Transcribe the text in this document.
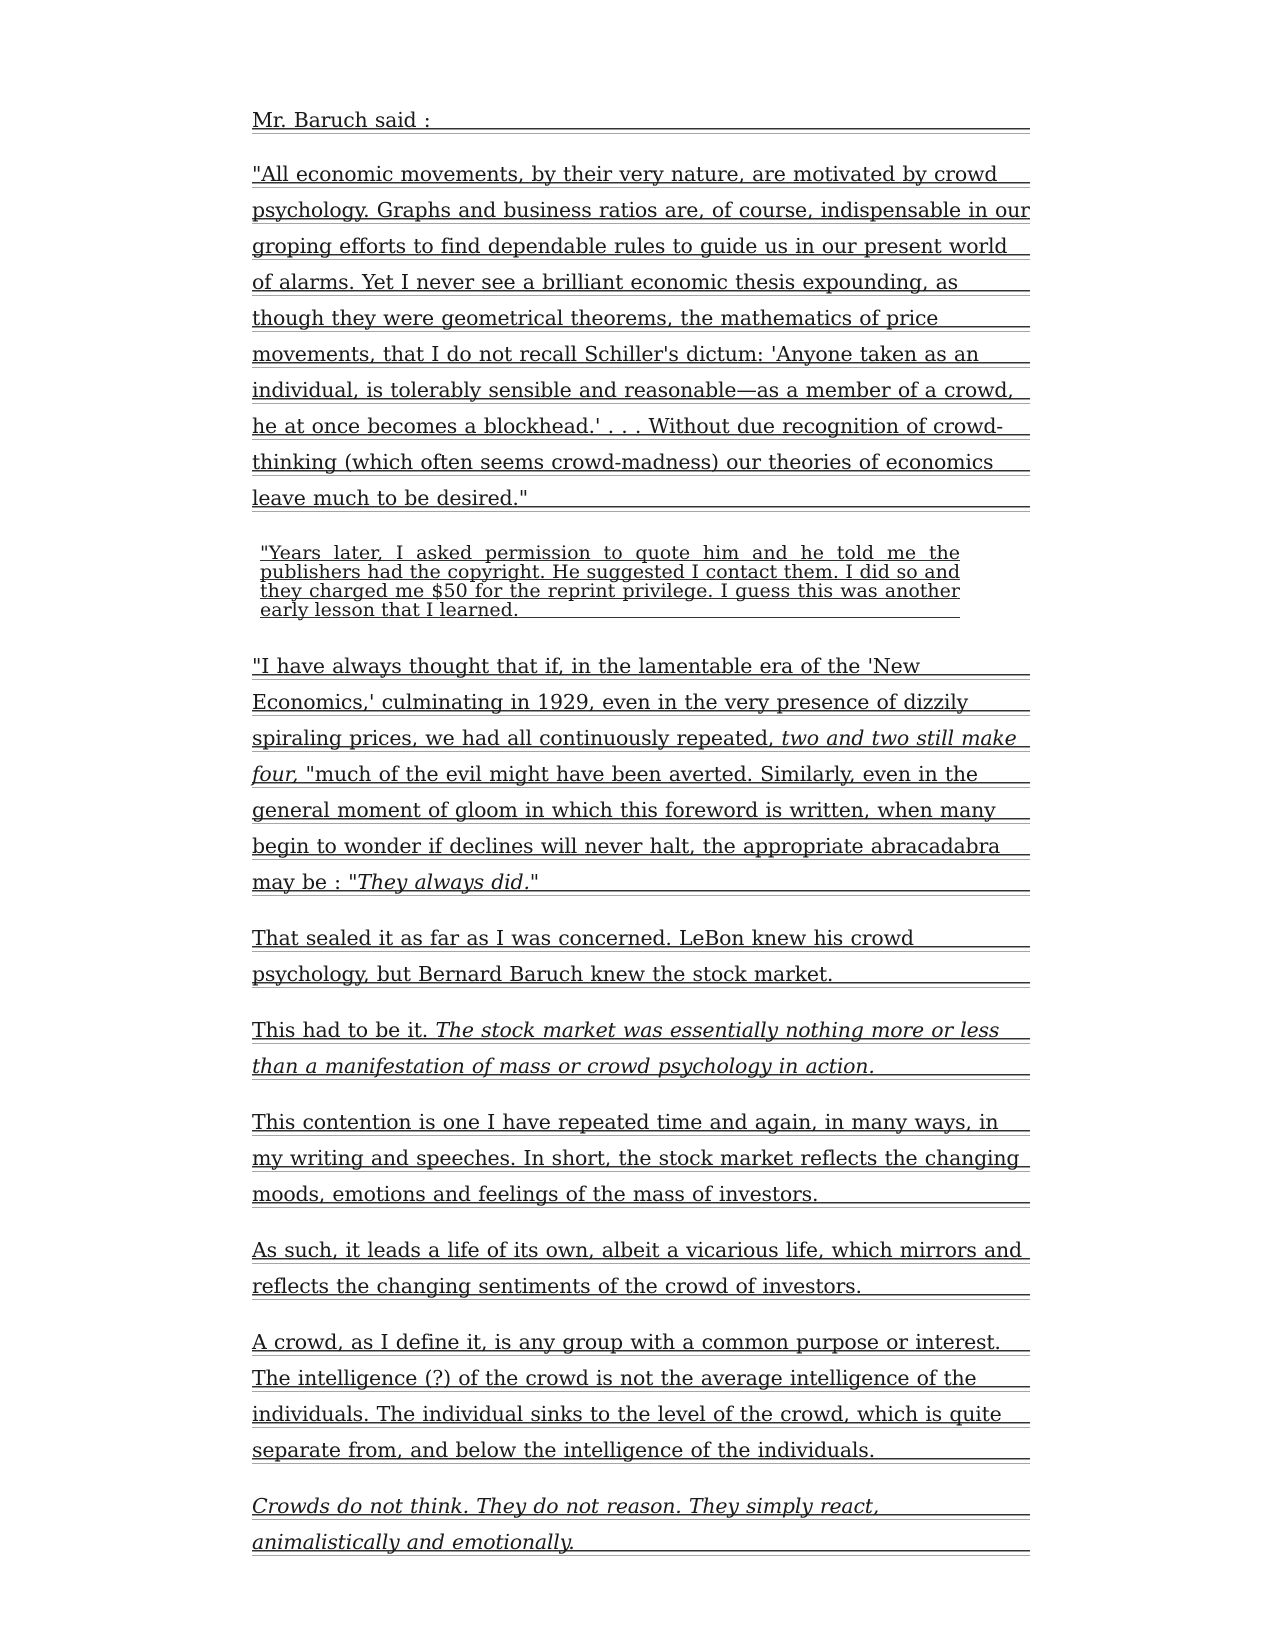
Mr. Baruch said :

"All economic movements, by their very nature, are motivated by crowd psychology. Graphs and business ratios are, of course, indispensable in our groping efforts to find dependable rules to guide us in our present world of alarms. Yet I never see a brilliant economic thesis expounding, as though they were geometrical theorems, the mathematics of price movements, that I do not recall Schiller's dictum: 'Anyone taken as an individual, is tolerably sensible and reasonable—as a member of a crowd, he at once becomes a blockhead.' . . . Without due recognition of crowd-thinking (which often seems crowd-madness) our theories of economics leave much to be desired."

"Years later, I asked permission to quote him and he told me the publishers had the copyright. He suggested I contact them. I did so and they charged me $50 for the reprint privilege. I guess this was another early lesson that I learned.

"I have always thought that if, in the lamentable era of the 'New Economics,' culminating in 1929, even in the very presence of dizzily spiraling prices, we had all continuously repeated, two and two still make four, "much of the evil might have been averted. Similarly, even in the general moment of gloom in which this foreword is written, when many begin to wonder if declines will never halt, the appropriate abracadabra may be : "They always did."

That sealed it as far as I was concerned. LeBon knew his crowd psychology, but Bernard Baruch knew the stock market.

This had to be it. The stock market was essentially nothing more or less than a manifestation of mass or crowd psychology in action.

This contention is one I have repeated time and again, in many ways, in my writing and speeches. In short, the stock market reflects the changing moods, emotions and feelings of the mass of investors.

As such, it leads a life of its own, albeit a vicarious life, which mirrors and reflects the changing sentiments of the crowd of investors.

A crowd, as I define it, is any group with a common purpose or interest. The intelligence (?) of the crowd is not the average intelligence of the individuals. The individual sinks to the level of the crowd, which is quite separate from, and below the intelligence of the individuals.

Crowds do not think. They do not reason. They simply react, animalistically and emotionally.
